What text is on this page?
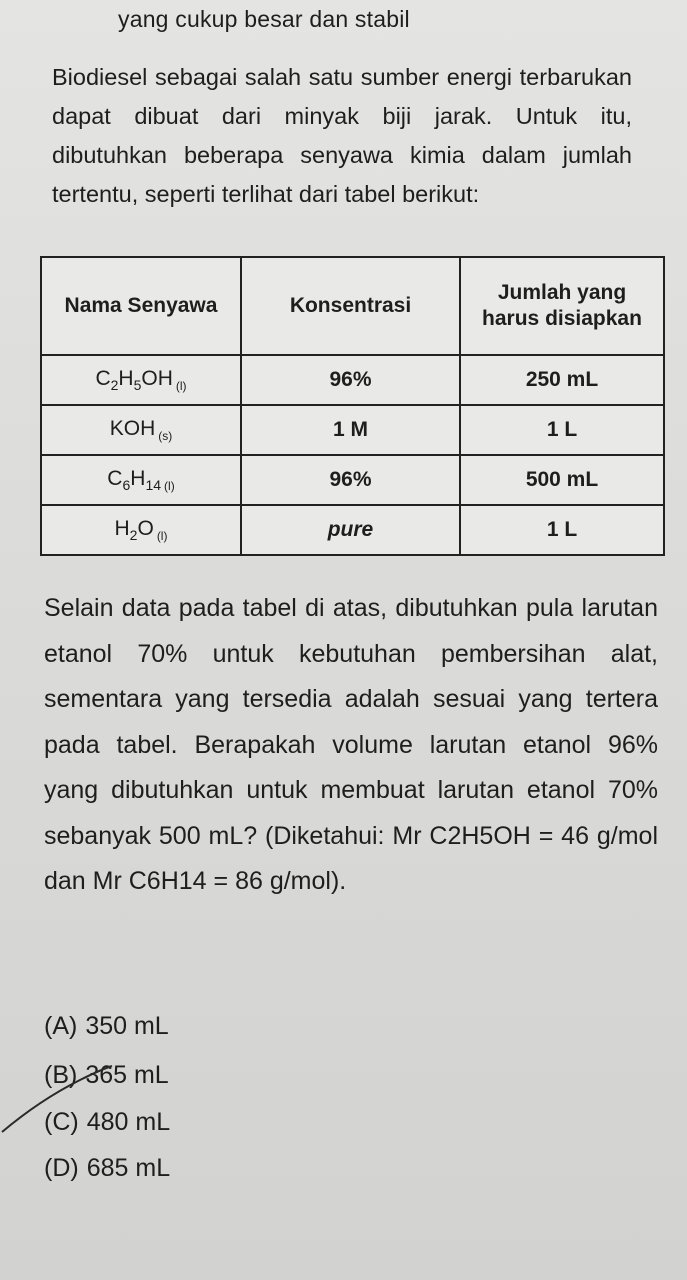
yang cukup besar dan stabil
Biodiesel sebagai salah satu sumber energi terbarukan dapat dibuat dari minyak biji jarak. Untuk itu, dibutuhkan beberapa senyawa kimia dalam jumlah tertentu, seperti terlihat dari tabel berikut:
Nama Senyawa	Konsentrasi	Jumlah yang harus disiapkan
$C_2H_5OH$ $_{(l)}$	96%	250 mL
KOH $_{(s)}$	1 M	1 L
$C_6H_{14}$ $_{(l)}$	96%	500 mL
$H_2O$ $_{(l)}$	pure	1 L
Selain data pada tabel di atas, dibutuhkan pula larutan etanol 70% untuk kebutuhan pembersihan alat, sementara yang tersedia adalah sesuai yang tertera pada tabel. Berapakah volume larutan etanol 96% yang dibutuhkan untuk membuat larutan etanol 70% sebanyak 500 mL? (Diketahui: Mr C2H5OH = 46 g/mol dan Mr C6H14 = 86 g/mol).
(A) 350 mL
(B) 365 mL
(C) 480 mL
(D) 685 mL
